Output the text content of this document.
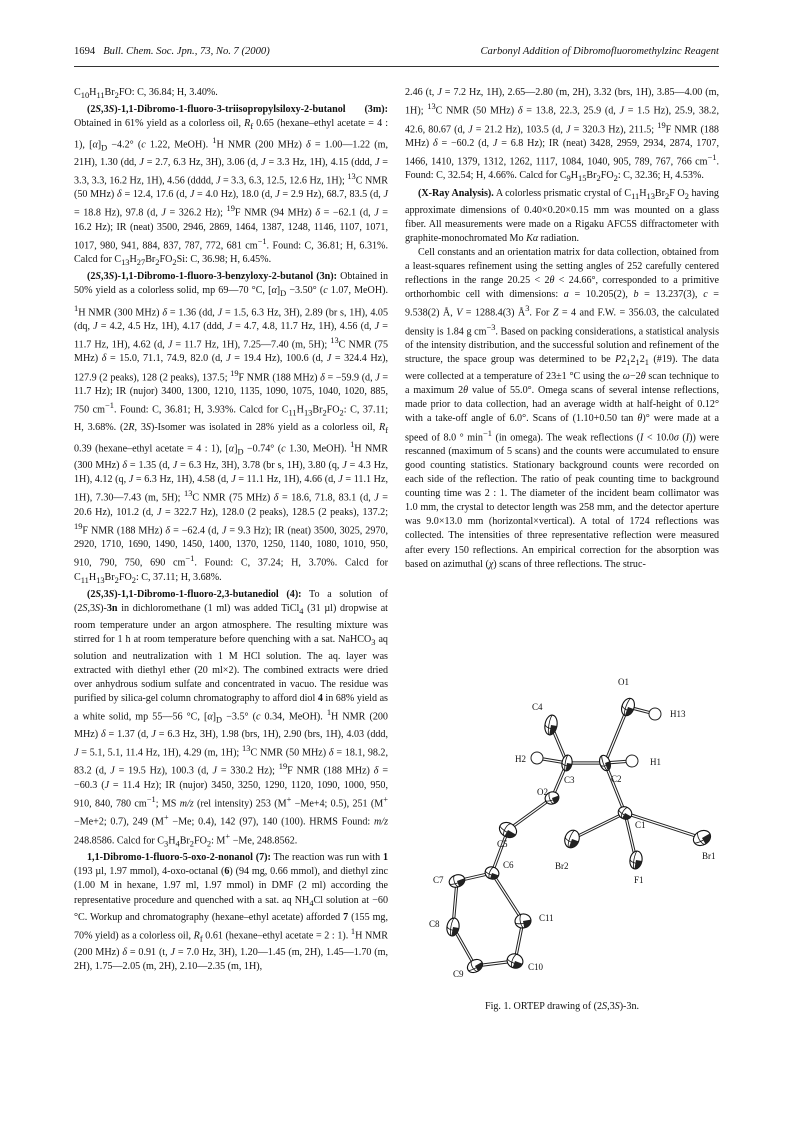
1694 Bull. Chem. Soc. Jpn., 73, No. 7 (2000)	Carbonyl Addition of Dibromofluoromethylzinc Reagent

$C_{10}H_{11}Br_2FO$: C, 36.84; H, 3.40%.

(2S,3S)-1,1-Dibromo-1-fluoro-3-triisopropylsiloxy-2-butanol (3m): Obtained in 61% yield as a colorless oil, $R_f$ 0.65 (hexane–ethyl acetate = 4 : 1), $[\alpha]_D -4.2^\circ$ (c 1.22, MeOH). $^1$H NMR (200 MHz) δ = 1.00—1.22 (m, 21H), 1.30 (dd, J = 2.7, 6.3 Hz, 3H), 3.06 (d, J = 3.3 Hz, 1H), 4.15 (ddd, J = 3.3, 3.3, 16.2 Hz, 1H), 4.56 (dddd, J = 3.3, 6.3, 12.5, 12.6 Hz, 1H); $^{13}$C NMR (50 MHz) δ = 12.4, 17.6 (d, J = 4.0 Hz), 18.0 (d, J = 2.9 Hz), 68.7, 83.5 (d, J = 18.8 Hz), 97.8 (d, J = 326.2 Hz); $^{19}$F NMR (94 MHz) δ = −62.1 (d, J = 16.2 Hz); IR (neat) 3500, 2946, 2869, 1464, 1387, 1248, 1146, 1107, 1071, 1017, 980, 941, 884, 837, 787, 772, 681 $cm^{-1}$. Found: C, 36.81; H, 6.31%. Calcd for $C_{13}H_{27}Br_2FO_2Si$: C, 36.98; H, 6.45%.

(2S,3S)-1,1-Dibromo-1-fluoro-3-benzyloxy-2-butanol (3n): Obtained in 50% yield as a colorless solid, mp 69—70 °C, $[\alpha]_D -3.50^\circ$ (c 1.07, MeOH). $^1$H NMR (300 MHz) δ = 1.36 (dd, J = 1.5, 6.3 Hz, 3H), 2.89 (br s, 1H), 4.05 (dq, J = 4.2, 4.5 Hz, 1H), 4.17 (ddd, J = 4.7, 4.8, 11.7 Hz, 1H), 4.56 (d, J = 11.7 Hz, 1H), 4.62 (d, J = 11.7 Hz, 1H), 7.25—7.40 (m, 5H); $^{13}$C NMR (75 MHz) δ = 15.0, 71.1, 74.9, 82.0 (d, J = 19.4 Hz), 100.6 (d, J = 324.4 Hz), 127.9 (2 peaks), 128 (2 peaks), 137.5; $^{19}$F NMR (188 MHz) δ = −59.9 (d, J = 11.7 Hz); IR (nujor) 3400, 1300, 1210, 1135, 1090, 1075, 1040, 1020, 885, 750 $cm^{-1}$. Found: C, 36.81; H, 3.93%. Calcd for $C_{11}H_{13}Br_2FO_2$: C, 37.11; H, 3.68%. (2R, 3S)-Isomer was isolated in 28% yield as a colorless oil, $R_f$ 0.39 (hexane–ethyl acetate = 4 : 1), $[\alpha]_D -0.74^\circ$ (c 1.30, MeOH). $^1$H NMR (300 MHz) δ = 1.35 (d, J = 6.3 Hz, 3H), 3.78 (br s, 1H), 3.80 (q, J = 4.3 Hz, 1H), 4.12 (q, J = 6.3 Hz, 1H), 4.58 (d, J = 11.1 Hz, 1H), 4.66 (d, J = 11.1 Hz, 1H), 7.30—7.43 (m, 5H); $^{13}$C NMR (75 MHz) δ = 18.6, 71.8, 83.1 (d, J = 20.6 Hz), 101.2 (d, J = 322.7 Hz), 128.0 (2 peaks), 128.5 (2 peaks), 137.2; $^{19}$F NMR (188 MHz) δ = −62.4 (d, J = 9.3 Hz); IR (neat) 3500, 3025, 2970, 2920, 1710, 1690, 1490, 1450, 1400, 1370, 1250, 1140, 1080, 1010, 950, 910, 790, 750, 690 $cm^{-1}$. Found: C, 37.24; H, 3.70%. Calcd for $C_{11}H_{13}Br_2FO_2$: C, 37.11; H, 3.68%.

(2S,3S)-1,1-Dibromo-1-fluoro-2,3-butanediol (4): To a solution of (2S,3S)-3n in dichloromethane (1 ml) was added TiCl$_4$ (31 µl) dropwise at room temperature under an argon atmosphere. The resulting mixture was stirred for 1 h at room temperature before quenching with a sat. NaHCO$_3$ aq solution and neutralization with 1 M HCl solution. The aq. layer was extracted with diethyl ether (20 ml×2). The combined extracts were dried over anhydrous sodium sulfate and concentrated in vacuo. The residue was purified by silica-gel column chromatography to afford diol 4 in 68% yield as a white solid, mp 55—56 °C, $[\alpha]_D -3.5^\circ$ (c 0.34, MeOH). $^1$H NMR (200 MHz) δ = 1.37 (d, J = 6.3 Hz, 3H), 1.98 (brs, 1H), 2.90 (brs, 1H), 4.03 (ddd, J = 5.1, 5.1, 11.4 Hz, 1H), 4.29 (m, 1H); $^{13}$C NMR (50 MHz) δ = 18.1, 98.2, 83.2 (d, J = 19.5 Hz), 100.3 (d, J = 330.2 Hz); $^{19}$F NMR (188 MHz) δ = −60.3 (J = 11.4 Hz); IR (nujor) 3450, 3250, 1290, 1120, 1090, 1000, 950, 910, 840, 780 $cm^{-1}$; MS m/z (rel intensity) 253 (M+ −Me+4; 0.5), 251 (M+ −Me+2; 0.7), 249 (M+ −Me; 0.4), 142 (97), 140 (100). HRMS Found: m/z 248.8586. Calcd for $C_3H_4Br_2FO_2$: M+ −Me, 248.8562.

1,1-Dibromo-1-fluoro-5-oxo-2-nonanol (7): The reaction was run with 1 (193 µl, 1.97 mmol), 4-oxo-octanal (6) (94 mg, 0.66 mmol), and diethyl zinc (1.00 M in hexane, 1.97 ml, 1.97 mmol) in DMF (2 ml) according the representative procedure and quenched with a sat. aq $NH_4Cl$ solution at −60 °C. Workup and chromatography (hexane–ethyl acetate) afforded 7 (155 mg, 70% yield) as a colorless oil, $R_f$ 0.61 (hexane–ethyl acetate = 2 : 1). $^1$H NMR (200 MHz) δ = 0.91 (t, J = 7.0 Hz, 3H), 1.20—1.45 (m, 2H), 1.45—1.70 (m, 2H), 1.75—2.05 (m, 2H), 2.10—2.35 (m, 1H),

2.46 (t, J = 7.2 Hz, 1H), 2.65—2.80 (m, 2H), 3.32 (brs, 1H), 3.85—4.00 (m, 1H); $^{13}$C NMR (50 MHz) δ = 13.8, 22.3, 25.9 (d, J = 1.5 Hz), 25.9, 38.2, 42.6, 80.67 (d, J = 21.2 Hz), 103.5 (d, J = 320.3 Hz), 211.5; $^{19}$F NMR (188 MHz) δ = −60.2 (d, J = 6.8 Hz); IR (neat) 3428, 2959, 2934, 2874, 1707, 1466, 1410, 1379, 1312, 1262, 1117, 1084, 1040, 905, 789, 767, 766 $cm^{-1}$. Found: C, 32.54; H, 4.66%. Calcd for $C_9H_{15}Br_2FO_2$: C, 32.36; H, 4.53%.

(X-Ray Analysis). A colorless prismatic crystal of $C_{11}H_{13}Br_2F$ $O_2$ having approximate dimensions of 0.40×0.20×0.15 mm was mounted on a glass fiber. All measurements were made on a Rigaku AFC5S diffractometer with graphite-monochromated Mo Kα radiation.

Cell constants and an orientation matrix for data collection, obtained from a least-squares refinement using the setting angles of 252 carefully centered reflections in the range 20.25 < 2θ < 24.66°, corresponded to a primitive orthorhombic cell with dimensions: a = 10.205(2), b = 13.237(3), c = 9.538(2) Å, V = 1288.4(3) $Å^3$. For Z = 4 and F.W. = 356.03, the calculated density is 1.84 g $cm^{-3}$. Based on packing considerations, a statistical analysis of the intensity distribution, and the successful solution and refinement of the structure, the space group was determined to be $P2_12_12_1$ (#19). The data were collected at a temperature of 23±1 °C using the ω−2θ scan technique to a maximum 2θ value of 55.0°. Omega scans of several intense reflections, made prior to data collection, had an average width at half-height of 0.12° with a take-off angle of 6.0°. Scans of (1.10+0.50 tan θ)° were made at a speed of 8.0 ° $\min^{-1} (in$ omega). The weak reflections (I < 10.0σ (I)) were rescanned (maximum of 5 scans) and the counts were accumulated to ensure good counting statistics. Stationary background counts were recorded on each side of the reflection. The ratio of peak counting time to background counting time was 2 : 1. The diameter of the incident beam collimator was 1.0 mm, the crystal to detector length was 258 mm, and the detector aperture was 9.0×13.0 mm (horizontal×vertical). A total of 1724 reflections was collected. The intensities of three representative reflection were measured after every 150 reflections. An empirical correction for the absorption was based on azimuthal (χ) scans of three reflections. The struc-

O1
H13
C4
H2	H1
C3	C2
O2
C1
Br1
C5
Br2
F1
C6
C7
C11
C8
C10
C9
Fig. 1. ORTEP drawing of (2S,3S)-3n.
